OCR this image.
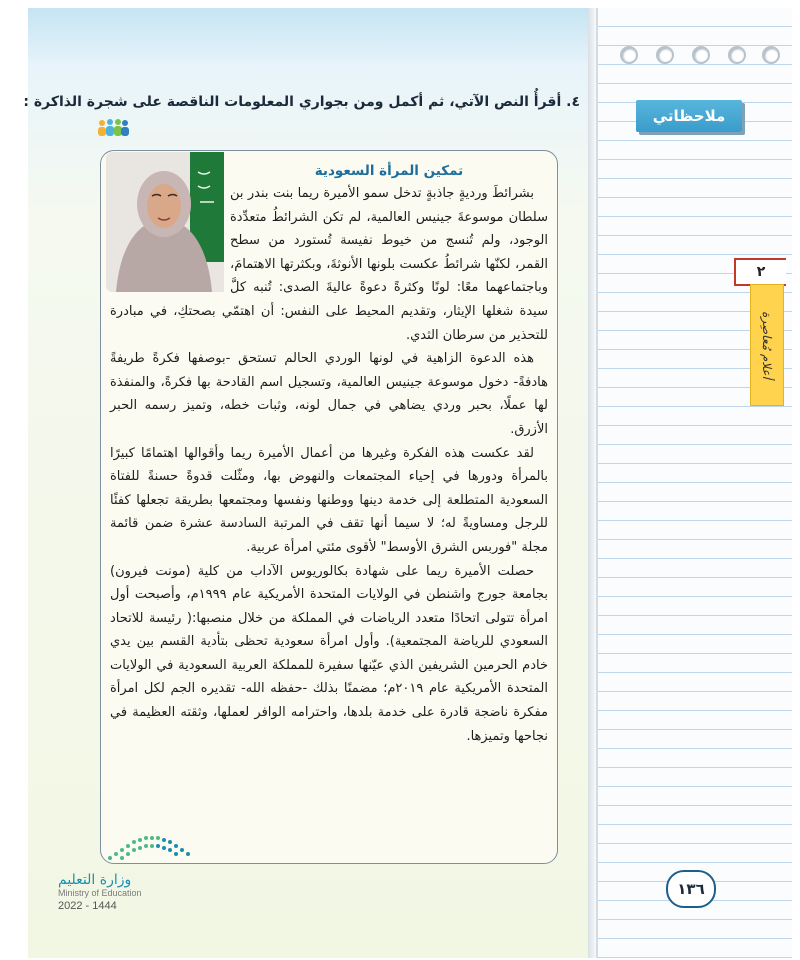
٤. أقرأُ النص الآتي، ثم أكمل ومن بجواري المعلومات الناقصة على شجرة الذاكرة :
تمكين المرأة السعودية

بشرائطَ ورديةٍ جاذبةٍ تدخل سمو الأميرة ريما بنت بندر بن سلطان موسوعةَ جينيس العالمية، لم تكن الشرائطُ متعدِّدة الوجود، ولم تُنسج من خيوط نفيسة تُستورد من سطح القمر، لكنّها شرائطُ عكست بلونها الأنوثةَ، وبكثرتها الاهتمامَ، وباجتماعهما معًا: لونًا وكثرةً دعوةً عاليةَ الصدى: تُنبه كلَّ سيدة شغلها الإيثار، وتقديم المحيط على النفس: أن اهتمّي بصحتكِ، في مبادرة للتحذير من سرطان الثدي.

هذه الدعوة الزاهية في لونها الوردي الحالم تستحق -بوصفها فكرةً طريفةً هادفةً- دخول موسوعة جينيس العالمية، وتسجيل اسم القادحة بها فكرةً، والمنفذة لها عملًا، بحبر وردي يضاهي في جمال لونه، وثبات خطه، وتميز رسمه الحبر الأزرق.

لقد عكست هذه الفكرة وغيرها من أعمال الأميرة ريما وأقوالها اهتمامًا كبيرًا بالمرأة ودورها في إحياء المجتمعات والنهوض بها، ومثّلت قدوةً حسنةً للفتاة السعودية المتطلعة إلى خدمة دينها ووطنها ونفسها ومجتمعها بطريقة تجعلها كفئًا للرجل ومساويةً له؛ لا سيما أنها تقف في المرتبة السادسة عشرة ضمن قائمة مجلة "فوربس الشرق الأوسط" لأقوى مئتي امرأة عربية.

حصلت الأميرة ريما على شهادة بكالوريوس الآداب من كلية (مونت فيرون) بجامعة جورج واشنطن في الولايات المتحدة الأمريكية عام ١٩٩٩م، وأصبحت أول امرأة تتولى اتحادًا متعدد الرياضات في المملكة من خلال منصبها:( رئيسة للاتحاد السعودي للرياضة المجتمعية). وأول امرأة سعودية تحظى بتأدية القسم بين يدي خادم الحرمين الشريفين الذي عيّنها سفيرة للمملكة العربية السعودية في الولايات المتحدة الأمريكية عام ٢٠١٩م؛ مضمنًا بذلك -حفظه الله- تقديره الجم لكل امرأة مفكرة ناضجة قادرة على خدمة بلدها، واحترامه الوافر لعملها، وثقته العظيمة في نجاحها وتميزها.

وزارة التعليم
Ministry of Education
2022 - 1444
ملاحظاتي
٢
أعلام مُعاصِرة
١٣٦
